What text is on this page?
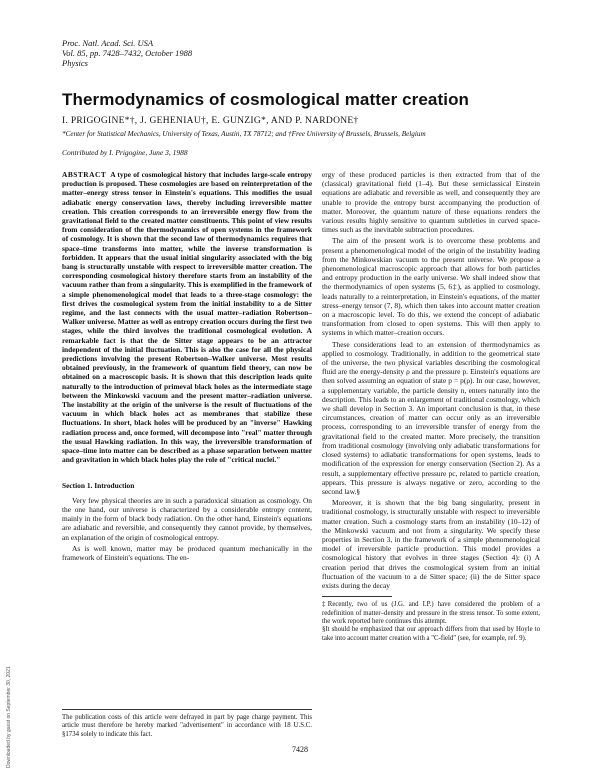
Proc. Natl. Acad. Sci. USA
Vol. 85, pp. 7428–7432, October 1988
Physics
Thermodynamics of cosmological matter creation
I. PRIGOGINE*†, J. GEHENIAU†, E. GUNZIG*, AND P. NARDONE†
*Center for Statistical Mechanics, University of Texas, Austin, TX 78712; and †Free University of Brussels, Brussels, Belgium
Contributed by I. Prigogine, June 3, 1988
ABSTRACT A type of cosmological history that includes large-scale entropy production is proposed. These cosmologies are based on reinterpretation of the matter–energy stress tensor in Einstein's equations. This modifies the usual adiabatic energy conservation laws, thereby including irreversible matter creation. This creation corresponds to an irreversible energy flow from the gravitational field to the created matter constituents. This point of view results from consideration of the thermodynamics of open systems in the framework of cosmology. It is shown that the second law of thermodynamics requires that space–time transforms into matter, while the inverse transformation is forbidden. It appears that the usual initial singularity associated with the big bang is structurally unstable with respect to irreversible matter creation. The corresponding cosmological history therefore starts from an instability of the vacuum rather than from a singularity. This is exemplified in the framework of a simple phenomenological model that leads to a three-stage cosmology: the first drives the cosmological system from the initial instability to a de Sitter regime, and the last connects with the usual matter–radiation Robertson–Walker universe. Matter as well as entropy creation occurs during the first two stages, while the third involves the traditional cosmological evolution. A remarkable fact is that the de Sitter stage appears to be an attractor independent of the initial fluctuation. This is also the case for all the physical predictions involving the present Robertson–Walker universe. Most results obtained previously, in the framework of quantum field theory, can now be obtained on a macroscopic basis. It is shown that this description leads quite naturally to the introduction of primeval black holes as the intermediate stage between the Minkowski vacuum and the present matter–radiation universe. The instability at the origin of the universe is the result of fluctuations of the vacuum in which black holes act as membranes that stabilize these fluctuations. In short, black holes will be produced by an "inverse" Hawking radiation process and, once formed, will decompose into "real" matter through the usual Hawking radiation. In this way, the irreversible transformation of space–time into matter can be described as a phase separation between matter and gravitation in which black holes play the role of "critical nuclei."
Section 1. Introduction

Very few physical theories are in such a paradoxical situation as cosmology. On the one hand, our universe is characterized by a considerable entropy content, mainly in the form of black body radiation. On the other hand, Einstein's equations are adiabatic and reversible, and consequently they cannot provide, by themselves, an explanation of the origin of cosmological entropy.

As is well known, matter may be produced quantum mechanically in the framework of Einstein's equations. The en-

The publication costs of this article were defrayed in part by page charge payment. This article must therefore be hereby marked "advertisement" in accordance with 18 U.S.C. §1734 solely to indicate this fact.

ergy of these produced particles is then extracted from that of the (classical) gravitational field (1–4). But these semiclassical Einstein equations are adiabatic and reversible as well, and consequently they are unable to provide the entropy burst accompanying the production of matter. Moreover, the quantum nature of these equations renders the various results highly sensitive to quantum subtleties in curved space-times such as the inevitable subtraction procedures.

The aim of the present work is to overcome these problems and present a phenomenological model of the origin of the instability leading from the Minkowskian vacuum to the present universe. We propose a phenomenological macroscopic approach that allows for both particles and entropy production in the early universe. We shall indeed show that the thermodynamics of open systems (5, 6‡), as applied to cosmology, leads naturally to a reinterpretation, in Einstein's equations, of the matter stress–energy tensor (7, 8), which then takes into account matter creation on a macroscopic level. To do this, we extend the concept of adiabatic transformation from closed to open systems. This will then apply to systems in which matter–creation occurs.

These considerations lead to an extension of thermodynamics as applied to cosmology. Traditionally, in addition to the geometrical state of the universe, the two physical variables describing the cosmological fluid are the energy-density ρ and the pressure p. Einstein's equations are then solved assuming an equation of state p = p(ρ). In our case, however, a supplementary variable, the particle density n, enters naturally into the description. This leads to an enlargement of traditional cosmology, which we shall develop in Section 3. An important conclusion is that, in these circumstances, creation of matter can occur only as an irreversible process, corresponding to an irreversible transfer of energy from the gravitational field to the created matter. More precisely, the transition from traditional cosmology (involving only adiabatic transformations for closed systems) to adiabatic transformations for open systems, leads to modification of the expression for energy conservation (Section 2). As a result, a supplementary effective pressure pc, related to particle creation, appears. This pressure is always negative or zero, according to the second law.§

Moreover, it is shown that the big bang singularity, present in traditional cosmology, is structurally unstable with respect to irreversible matter creation. Such a cosmology starts from an instability (10–12) of the Minkowski vacuum and not from a singularity. We specify these properties in Section 3, in the framework of a simple phenomenological model of irreversible particle production. This model provides a cosmological history that evolves in three stages (Section 4): (i) A creation period that drives the cosmological system from an initial fluctuation of the vacuum to a de Sitter space; (ii) the de Sitter space exists during the decay

‡Recently, two of us (J.G. and I.P.) have considered the problem of a redefinition of matter–density and pressure in the stress tensor. To some extent, the work reported here continues this attempt.
§It should be emphasized that our approach differs from that used by Hoyle to take into account matter creation with a "C-field" (see, for example, ref. 9).
7428
Downloaded by guest on September 30, 2021
